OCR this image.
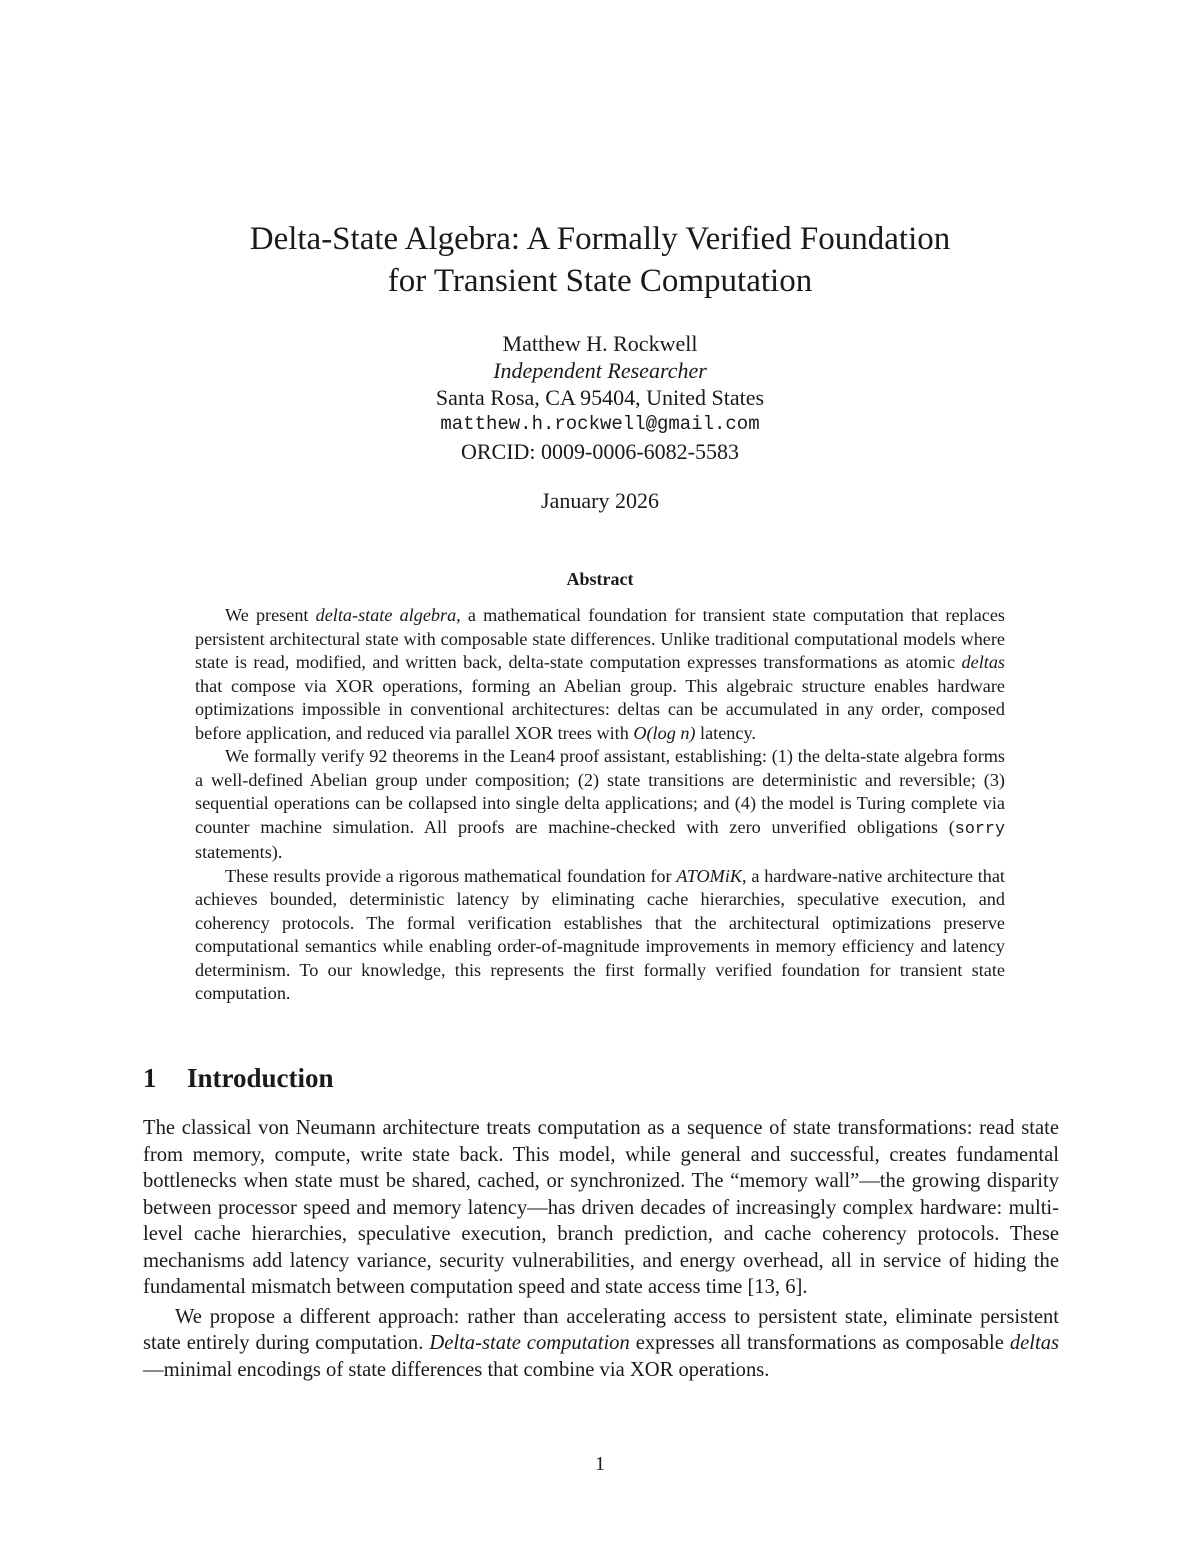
Delta-State Algebra: A Formally Verified Foundation
for Transient State Computation
Matthew H. Rockwell
Independent Researcher
Santa Rosa, CA 95404, United States
matthew.h.rockwell@gmail.com
ORCID: 0009-0006-6082-5583
January 2026
Abstract

We present delta-state algebra, a mathematical foundation for transient state computation that replaces persistent architectural state with composable state differences. Unlike traditional computational models where state is read, modified, and written back, delta-state computation expresses transformations as atomic deltas that compose via XOR operations, forming an Abelian group. This algebraic structure enables hardware optimizations impossible in conventional architectures: deltas can be accumulated in any order, composed before application, and reduced via parallel XOR trees with O(log n) latency.

We formally verify 92 theorems in the Lean4 proof assistant, establishing: (1) the delta-state algebra forms a well-defined Abelian group under composition; (2) state transitions are deterministic and reversible; (3) sequential operations can be collapsed into single delta applications; and (4) the model is Turing complete via counter machine simulation. All proofs are machine-checked with zero unverified obligations (sorry statements).

These results provide a rigorous mathematical foundation for ATOMiK, a hardware-native architecture that achieves bounded, deterministic latency by eliminating cache hierarchies, speculative execution, and coherency protocols. The formal verification establishes that the architectural optimizations preserve computational semantics while enabling order-of-magnitude improvements in memory efficiency and latency determinism. To our knowledge, this represents the first formally verified foundation for transient state computation.

1 Introduction

The classical von Neumann architecture treats computation as a sequence of state transformations: read state from memory, compute, write state back. This model, while general and successful, creates fundamental bottlenecks when state must be shared, cached, or synchronized. The “memory wall”—the growing disparity between processor speed and memory latency—has driven decades of increasingly complex hardware: multi-level cache hierarchies, speculative execution, branch prediction, and cache coherency protocols. These mechanisms add latency variance, security vulnerabilities, and energy overhead, all in service of hiding the fundamental mismatch between computation speed and state access time [13, 6].

We propose a different approach: rather than accelerating access to persistent state, eliminate persistent state entirely during computation. Delta-state computation expresses all transformations as composable deltas—minimal encodings of state differences that combine via XOR operations.

1
